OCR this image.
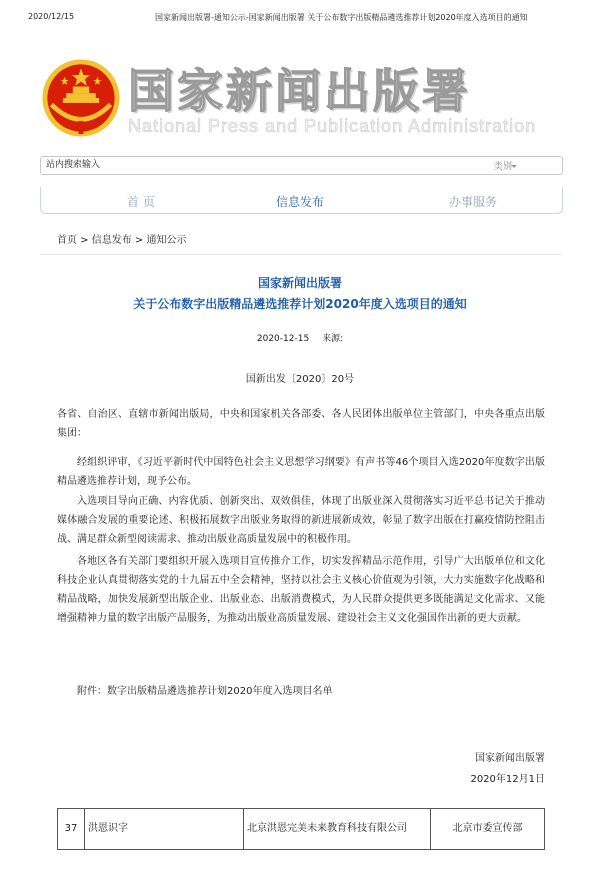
2020/12/15	国家新闻出版署-通知公示-国家新闻出版署 关于公布数字出版精品遴选推荐计划2020年度入选项目的通知
国家新闻出版署
National Press and Publication Administration
站内搜索输入
类别
首 页	信息发布	办事服务
首页 > 信息发布 > 通知公示
国家新闻出版署
关于公布数字出版精品遴选推荐计划2020年度入选项目的通知
2020-12-15 来源:
国新出发〔2020〕20号
各省、自治区、直辖市新闻出版局，中央和国家机关各部委、各人民团体出版单位主管部门，中央各重点出版集团：
经组织评审，《习近平新时代中国特色社会主义思想学习纲要》有声书等46个项目入选2020年度数字出版精品遴选推荐计划，现予公布。
入选项目导向正确、内容优质、创新突出、双效俱佳，体现了出版业深入贯彻落实习近平总书记关于推动媒体融合发展的重要论述、积极拓展数字出版业务取得的新进展新成效，彰显了数字出版在打赢疫情防控阻击战、满足群众新型阅读需求、推动出版业高质量发展中的积极作用。
各地区各有关部门要组织开展入选项目宣传推介工作，切实发挥精品示范作用，引导广大出版单位和文化科技企业认真贯彻落实党的十九届五中全会精神，坚持以社会主义核心价值观为引领，大力实施数字化战略和精品战略，加快发展新型出版企业、出版业态、出版消费模式，为人民群众提供更多既能满足文化需求、又能增强精神力量的数字出版产品服务，为推动出版业高质量发展、建设社会主义文化强国作出新的更大贡献。
附件：数字出版精品遴选推荐计划2020年度入选项目名单
国家新闻出版署
2020年12月1日
37	洪恩识字	北京洪恩完美未来教育科技有限公司	北京市委宣传部
